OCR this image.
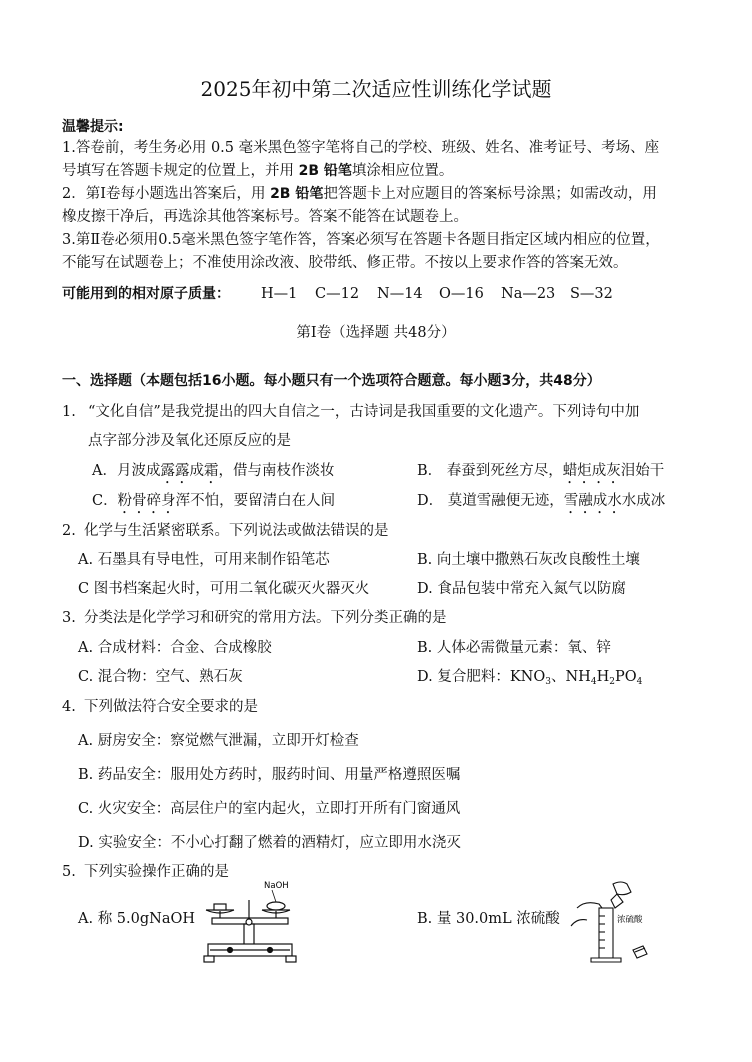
2025年初中第二次适应性训练化学试题
温馨提示:
1.答卷前，考生务必用 0.5 毫米黑色签字笔将自己的学校、班级、姓名、准考证号、考场、座
号填写在答题卡规定的位置上，并用 2B 铅笔填涂相应位置。
2．第Ⅰ卷每小题选出答案后，用 2B 铅笔把答题卡上对应题目的答案标号涂黑；如需改动，用
橡皮擦干净后，再选涂其他答案标号。答案不能答在试题卷上。
3.第Ⅱ卷必须用0.5毫米黑色签字笔作答，答案必须写在答题卡各题目指定区域内相应的位置，
不能写在试题卷上；不准使用涂改液、胶带纸、修正带。不按以上要求作答的答案无效。
可能用到的相对原子质量： H—1 C—12 N—14 O—16 Na—23 S—32
第Ⅰ卷（选择题 共48分）
一、选择题（本题包括16小题。每小题只有一个选项符合题意。每小题3分，共48分）
1. “文化自信”是我党提出的四大自信之一，古诗词是我国重要的文化遗产。下列诗句中加
点字部分涉及氧化还原反应的是
A．月波成露露成霜，借与南枝作淡妆	B． 春蚕到死丝方尽，蜡炬成灰泪始干
C．粉骨碎身浑不怕，要留清白在人间	D． 莫道雪融便无迹，雪融成水水成冰
2. 化学与生活紧密联系。下列说法或做法错误的是
A. 石墨具有导电性，可用来制作铅笔芯	B. 向土壤中撒熟石灰改良酸性土壤
C 图书档案起火时，可用二氧化碳灭火器灭火	D. 食品包装中常充入氮气以防腐
3. 分类法是化学学习和研究的常用方法。下列分类正确的是
A. 合成材料：合金、合成橡胶	B. 人体必需微量元素：氧、锌
C. 混合物：空气、熟石灰	D. 复合肥料：$KNO_3$、$NH_4H_2PO_4$
4. 下列做法符合安全要求的是
A. 厨房安全：察觉燃气泄漏，立即开灯检查
B. 药品安全：服用处方药时，服药时间、用量严格遵照医嘱
C. 火灾安全：高层住户的室内起火，立即打开所有门窗通风
D. 实验安全：不小心打翻了燃着的酒精灯，应立即用水浇灭
5. 下列实验操作正确的是
A. 称 5.0gNaOH	B. 量 30.0mL 浓硫酸
NaOH
浓硫酸
